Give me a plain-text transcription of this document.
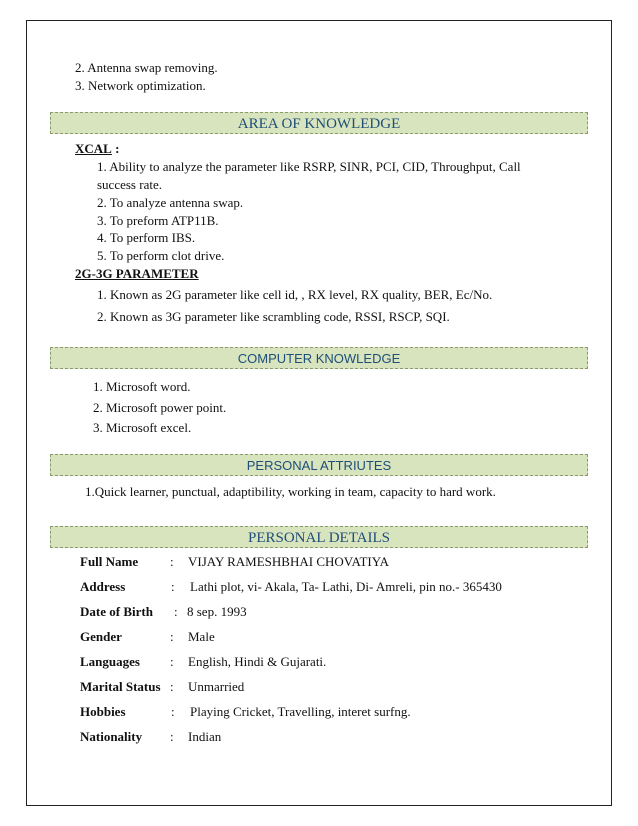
2. Antenna swap removing.
3. Network optimization.
AREA OF KNOWLEDGE
XCAL :
1. Ability to analyze the parameter like RSRP, SINR, PCI, CID, Throughput, Call
success rate.
2. To analyze antenna swap.
3. To preform ATP11B.
4. To perform IBS.
5. To perform clot drive.
2G-3G PARAMETER
1. Known as 2G parameter like cell id, , RX level, RX quality, BER, Ec/No.
2. Known as 3G parameter like scrambling code, RSSI, RSCP, SQI.
COMPUTER KNOWLEDGE
1. Microsoft word.
2. Microsoft power point.
3. Microsoft excel.
PERSONAL ATTRIUTES
1.Quick learner, punctual, adaptibility, working in team, capacity to hard work.
PERSONAL DETAILS
Full Name : VIJAY RAMESHBHAI CHOVATIYA
Address	: Lathi plot, vi- Akala, Ta- Lathi, Di- Amreli, pin no.- 365430
Date of Birth : 8 sep. 1993
Gender	: Male
Languages : English, Hindi & Gujarati.
Marital Status : Unmarried
Hobbies	: Playing Cricket, Travelling, interet surfng.
Nationality : Indian
